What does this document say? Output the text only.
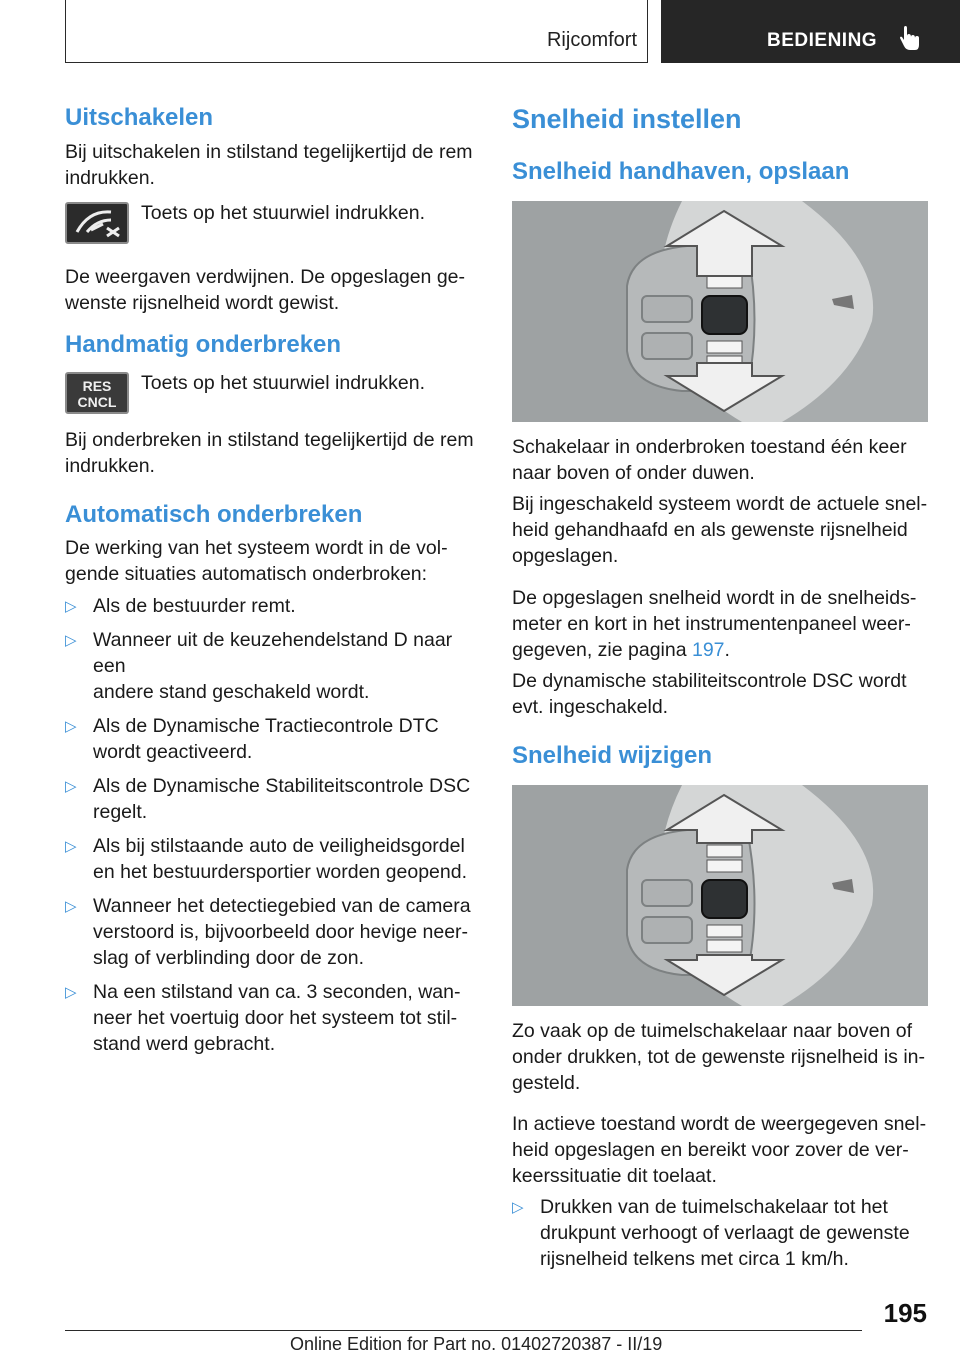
Rijcomfort	BEDIENING
Uitschakelen
Bij uitschakelen in stilstand tegelijkertijd de rem
indrukken.
Toets op het stuurwiel indrukken.
De weergaven verdwijnen. De opgeslagen ge-
wenste rijsnelheid wordt gewist.
Handmatig onderbreken
RES CNCL
Toets op het stuurwiel indrukken.
Bij onderbreken in stilstand tegelijkertijd de rem
indrukken.
Automatisch onderbreken
De werking van het systeem wordt in de vol-
gende situaties automatisch onderbroken:
▷ Als de bestuurder remt.
▷ Wanneer uit de keuzehendelstand D naar een
andere stand geschakeld wordt.
▷ Als de Dynamische Tractiecontrole DTC
wordt geactiveerd.
▷ Als de Dynamische Stabiliteitscontrole DSC
regelt.
▷ Als bij stilstaande auto de veiligheidsgordel
en het bestuurdersportier worden geopend.
▷ Wanneer het detectiegebied van de camera
verstoord is, bijvoorbeeld door hevige neer-
slag of verblinding door de zon.
▷ Na een stilstand van ca. 3 seconden, wan-
neer het voertuig door het systeem tot stil-
stand werd gebracht.
Snelheid instellen
Snelheid handhaven, opslaan
Schakelaar in onderbroken toestand één keer
naar boven of onder duwen.
Bij ingeschakeld systeem wordt de actuele snel-
heid gehandhaafd en als gewenste rijsnelheid
opgeslagen.
De opgeslagen snelheid wordt in de snelheids-
meter en kort in het instrumentenpaneel weer-
gegeven, zie pagina 197.
De dynamische stabiliteitscontrole DSC wordt
evt. ingeschakeld.
Snelheid wijzigen
Zo vaak op de tuimelschakelaar naar boven of
onder drukken, tot de gewenste rijsnelheid is in-
gesteld.
In actieve toestand wordt de weergegeven snel-
heid opgeslagen en bereikt voor zover de ver-
keerssituatie dit toelaat.
▷ Drukken van de tuimelschakelaar tot het
drukpunt verhoogt of verlaagt de gewenste
rijsnelheid telkens met circa 1 km/h.
195
Online Edition for Part no. 01402720387 - II/19
